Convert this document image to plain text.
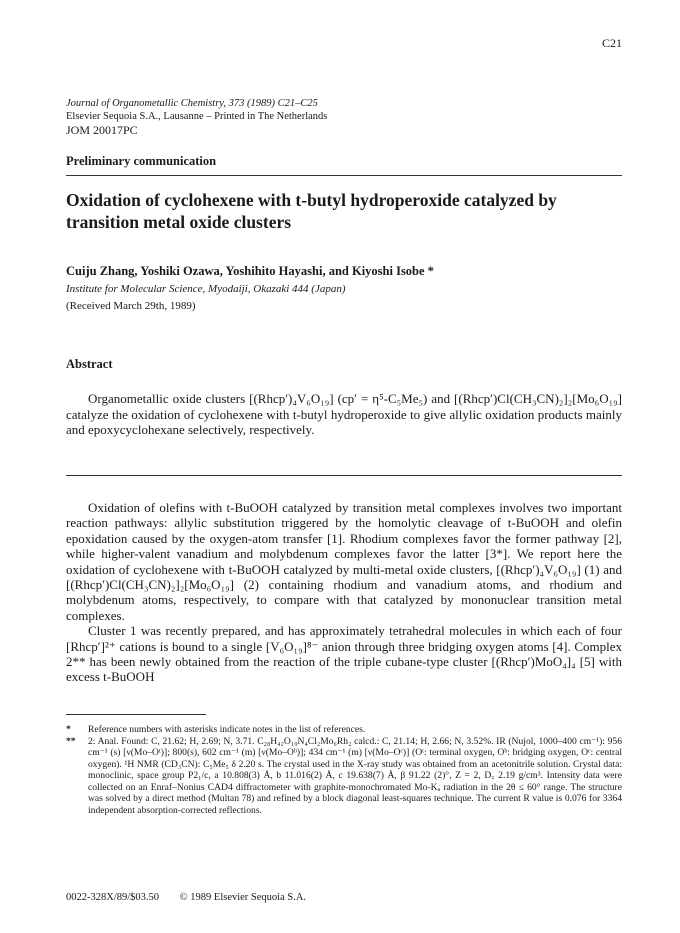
C21
Journal of Organometallic Chemistry, 373 (1989) C21–C25
Elsevier Sequoia S.A., Lausanne – Printed in The Netherlands
JOM 20017PC
Preliminary communication
Oxidation of cyclohexene with t-butyl hydroperoxide catalyzed by transition metal oxide clusters
Cuiju Zhang, Yoshiki Ozawa, Yoshihito Hayashi, and Kiyoshi Isobe *
Institute for Molecular Science, Myodaiji, Okazaki 444 (Japan)
(Received March 29th, 1989)
Abstract

Organometallic oxide clusters [(Rhcp′)₄V₆O₁₉] (cp′ = η⁵-C₅Me₅) and [(Rhcp′)Cl(CH₃CN)₂]₂[Mo₆O₁₉] catalyze the oxidation of cyclohexene with t-butyl hydroperoxide to give allylic oxidation products mainly and epoxycyclohexane selectively, respectively.

Oxidation of olefins with t-BuOOH catalyzed by transition metal complexes involves two important reaction pathways: allylic substitution triggered by the homolytic cleavage of t-BuOOH and olefin epoxidation caused by the oxygen-atom transfer [1]. Rhodium complexes favor the former pathway [2], while higher-valent vanadium and molybdenum complexes favor the latter [3*]. We report here the oxidation of cyclohexene with t-BuOOH catalyzed by multi-metal oxide clusters, [(Rhcp′)₄V₆O₁₉] (1) and [(Rhcp′)Cl(CH₃CN)₂]₂[Mo₆O₁₉] (2) containing rhodium and vanadium atoms, and rhodium and molybdenum atoms, respectively, to compare with that catalyzed by mononuclear transition metal complexes.

Cluster 1 was recently prepared, and has approximately tetrahedral molecules in which each of four [Rhcp′]²⁺ cations is bound to a single [V₆O₁₉]⁸⁻ anion through three bridging oxygen atoms [4]. Complex 2** has been newly obtained from the reaction of the triple cubane-type cluster [(Rhcp′)MoO₄]₄ [5] with excess t-BuOOH

* Reference numbers with asterisks indicate notes in the list of references.
** 2: Anal. Found: C, 21.62; H, 2.69; N, 3.71. C₂₈H₄₂O₁₉N₄Cl₂Mo₆Rh₂ calcd.: C, 21.14; H, 2.66; N, 3.52%. IR (Nujol, 1000–400 cm⁻¹): 956 cm⁻¹ (s) [ν(Mo–Oᵗ)]; 800(s), 602 cm⁻¹ (m) [ν(Mo–Oᵇ)]; 434 cm⁻¹ (m) [ν(Mo–Oᶜ)] (Oᵗ: terminal oxygen, Oᵇ: bridging oxygen, Oᶜ: central oxygen). ¹H NMR (CD₃CN): C₅Me₅ δ 2.20 s. The crystal used in the X-ray study was obtained from an acetonitrile solution. Crystal data: monoclinic, space group P2₁/c, a 10.808(3) Å, b 11.016(2) Å, c 19.638(7) Å, β 91.22 (2)°, Z = 2, D꜀ 2.19 g/cm³. Intensity data were collected on an Enraf–Nonius CAD4 diffractometer with graphite-monochromated Mo-Kₐ radiation in the 2θ ≤ 60° range. The structure was solved by a direct method (Multan 78) and refined by a block diagonal least-squares technique. The current R value is 0.076 for 3364 independent absorption-corrected reflections.
0022-328X/89/$03.50 © 1989 Elsevier Sequoia S.A.
